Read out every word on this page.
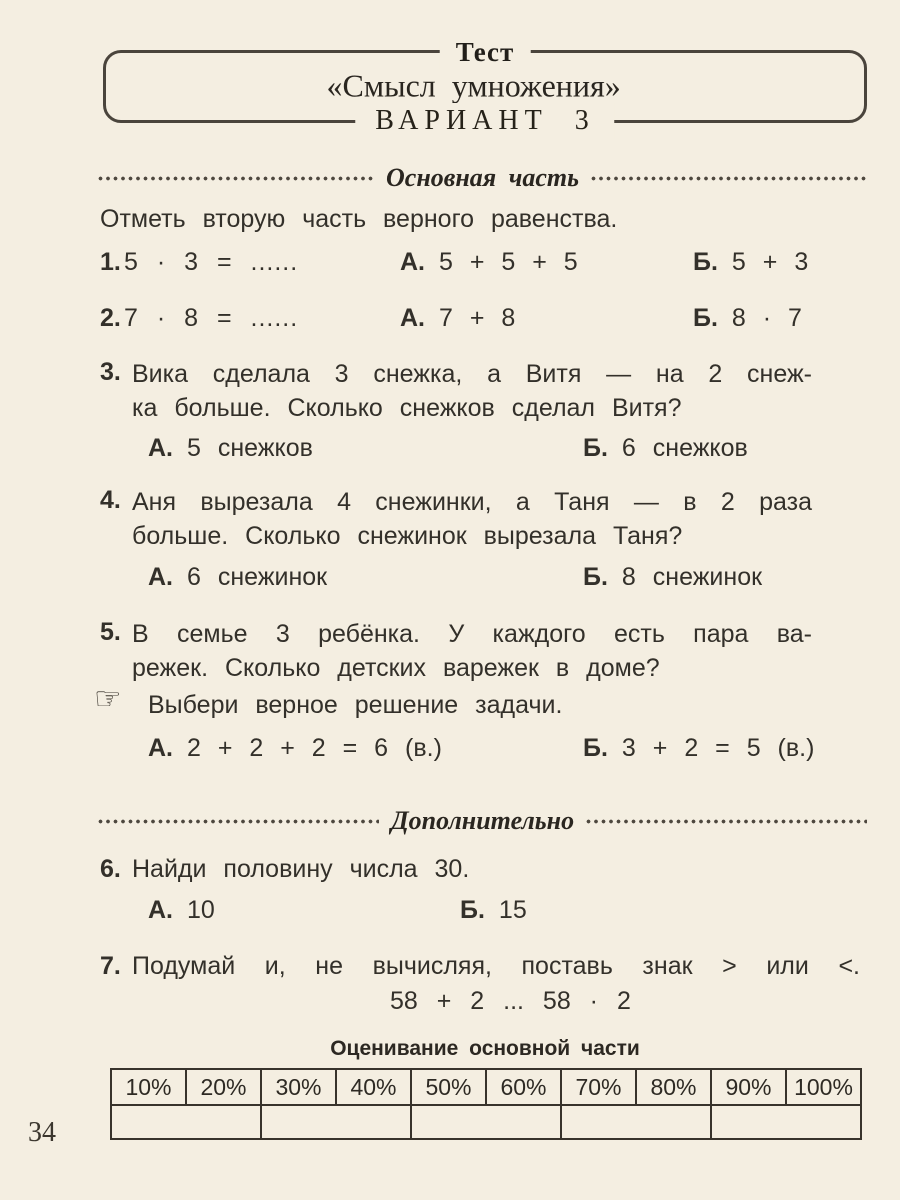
Тест
«Смысл умножения»
ВАРИАНТ 3
Основная часть
Отметь вторую часть верного равенства.
1. 5 · 3 = ......	А. 5 + 5 + 5	Б. 5 + 3
2. 7 · 8 = ......	А. 7 + 8	Б. 8 · 7
3. Вика сделала 3 снежка, а Витя — на 2 снеж-
ка больше. Сколько снежков сделал Витя?
А. 5 снежков	Б. 6 снежков
4. Аня вырезала 4 снежинки, а Таня — в 2 раза
больше. Сколько снежинок вырезала Таня?
А. 6 снежинок	Б. 8 снежинок
5. В семье 3 ребёнка. У каждого есть пара ва-
режек. Сколько детских варежек в доме?
☞ Выбери верное решение задачи.
А. 2 + 2 + 2 = 6 (в.)	Б. 3 + 2 = 5 (в.)
Дополнительно
6. Найди половину числа 30.
А. 10	Б. 15
7. Подумай и, не вычисляя, поставь знак > или <.
58 + 2 ... 58 · 2
Оценивание основной части
10%	20%	30%	40%	50%	60%	70%	80%	90%	100%

34
